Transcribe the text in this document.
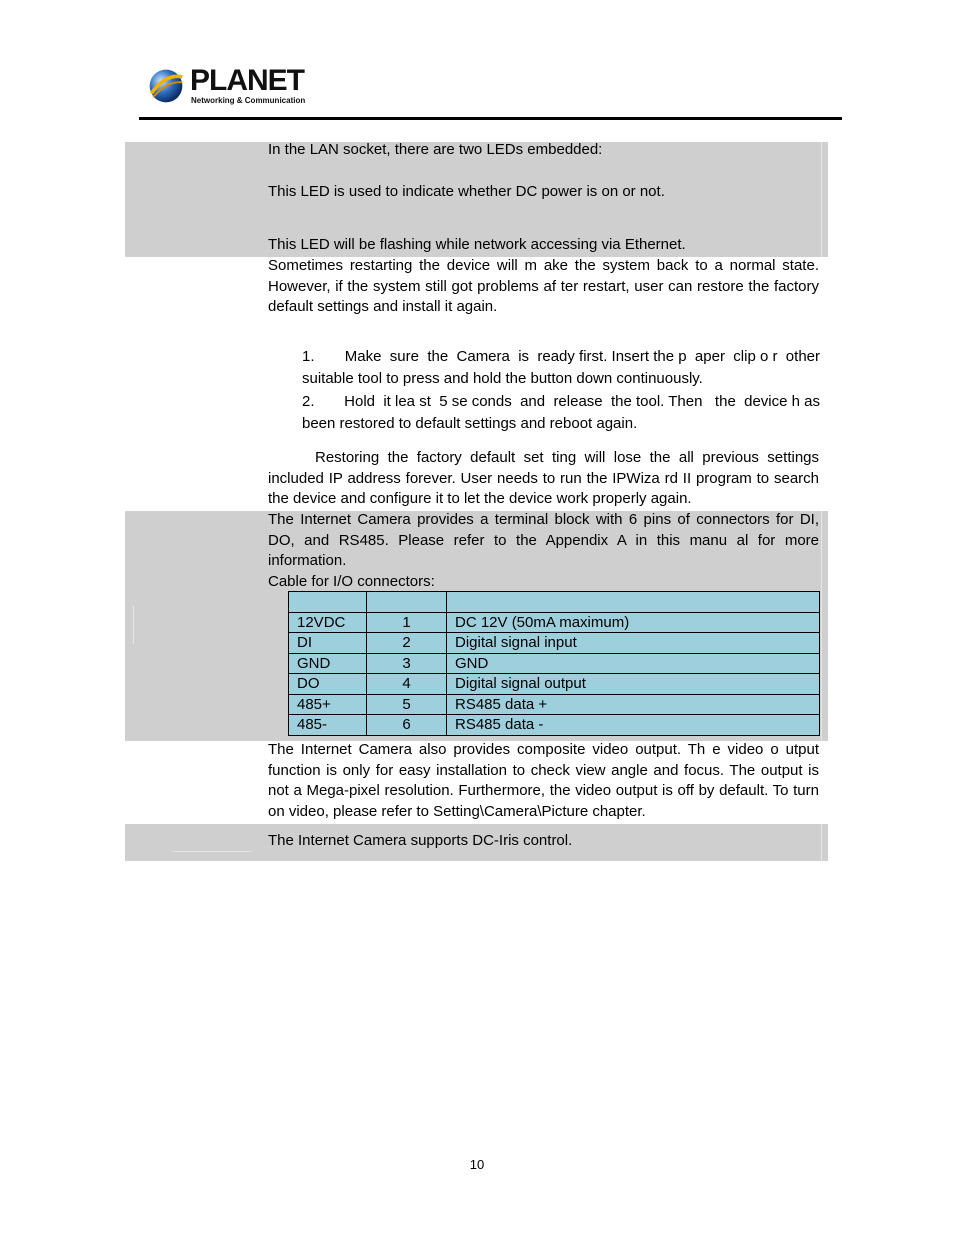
PLANET
Networking & Communication
In the LAN socket, there are two LEDs embedded:
This LED is used to indicate whether DC power is on or not.
This LED will be flashing while network accessing via Ethernet.
Sometimes restarting the device will m ake the system back to a normal state. However, if the system still got problems af ter restart, user can restore the factory default settings and install it again.
1.	Make  sure  the  Camera  is  ready first. Insert the p  aper  clip o r  other
suitable tool to press and hold the button down continuously.
2.	Hold  it lea st  5 se conds  and  release  the tool. Then   the  device h as
been restored to default settings and reboot again.
Restoring the factory default set ting will lose the all previous settings included IP address forever. User needs to run the IPWiza rd II program to search the device and configure it to let the device work properly again.
The Internet Camera provides a terminal block with 6 pins of connectors for DI, DO, and RS485. Please refer to the Appendix A in this manu al for more information.
Cable for I/O connectors:

12VDC	1	DC 12V (50mA maximum)
DI	2	Digital signal input
GND	3	GND
DO	4	Digital signal output
485+	5	RS485 data +
485-	6	RS485 data -
The Internet Camera also provides composite video output. Th e video o utput function is only for easy installation to check view angle and focus. The output is not a Mega-pixel resolution. Furthermore, the video output is off by default. To turn on video, please refer to Setting\Camera\Picture chapter.
The Internet Camera supports DC-Iris control.
10
